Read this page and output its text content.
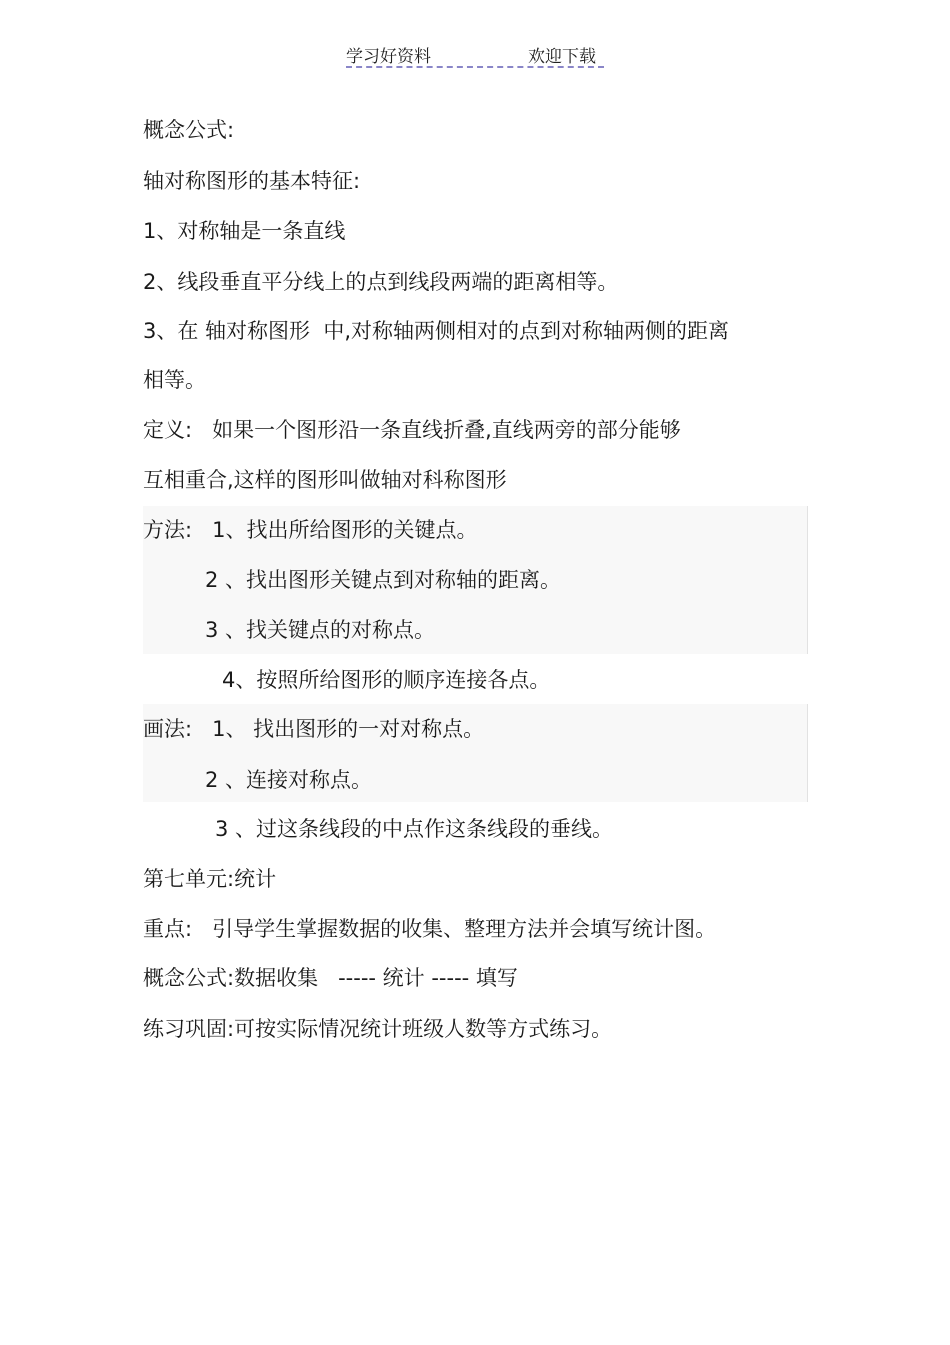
学习好资料	欢迎下载
概念公式:
轴对称图形的基本特征:
1、对称轴是一条直线
2、线段垂直平分线上的点到线段两端的距离相等。
3、在 轴对称图形  中,对称轴两侧相对的点到对称轴两侧的距离
相等。
定义:   如果一个图形沿一条直线折叠,直线两旁的部分能够
互相重合,这样的图形叫做轴对科称图形
方法:   1、找出所给图形的关键点。
2 、找出图形关键点到对称轴的距离。
3 、找关键点的对称点。
4、按照所给图形的顺序连接各点。
画法:   1、 找出图形的一对对称点。
2 、连接对称点。
3 、过这条线段的中点作这条线段的垂线。
第七单元:统计
重点:   引导学生掌握数据的收集、整理方法并会填写统计图。
概念公式:数据收集   ----- 统计 ----- 填写
练习巩固:可按实际情况统计班级人数等方式练习。
